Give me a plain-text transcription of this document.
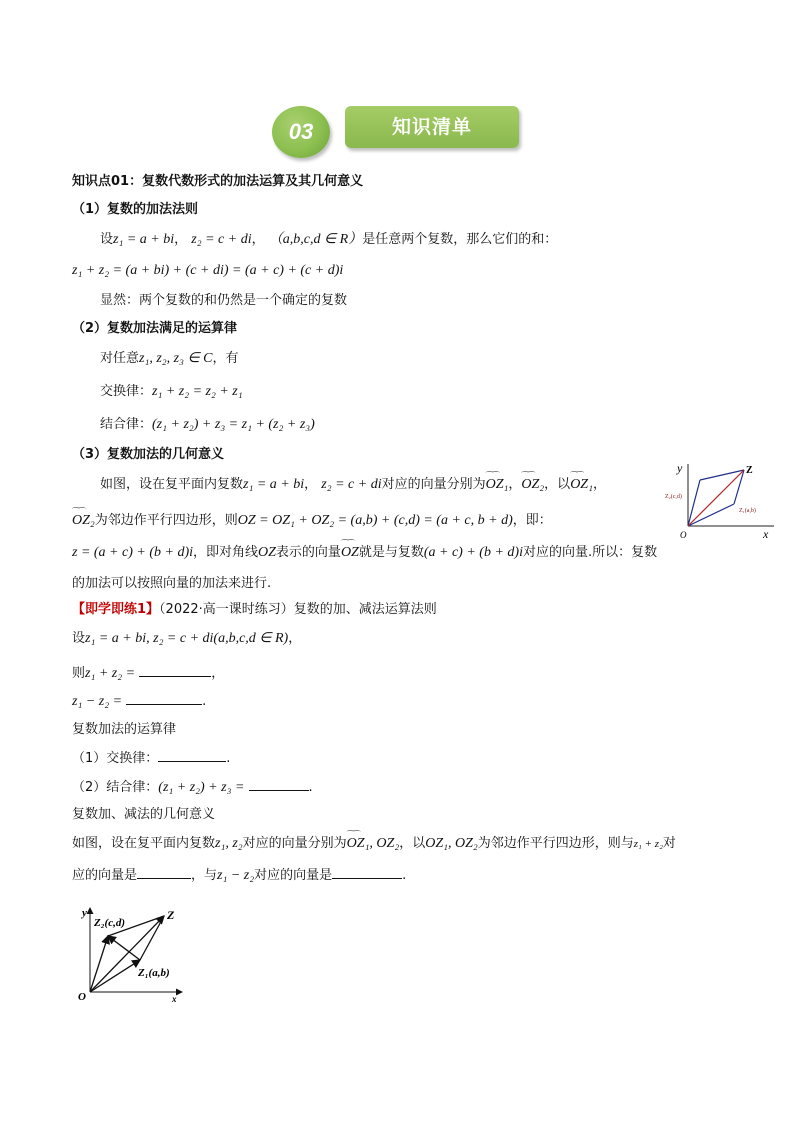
03	知识清单
知识点01：复数代数形式的加法运算及其几何意义
（1）复数的加法法则
设z₁ = a + bi， z₂ = c + di， （a,b,c,d ∈ R）是任意两个复数，那么它们的和：
z₁ + z₂ = (a + bi) + (c + di) = (a + c) + (c + d)i
显然：两个复数的和仍然是一个确定的复数
（2）复数加法满足的运算律
对任意z₁, z₂, z₃ ∈ C，有
交换律：z₁ + z₂ = z₂ + z₁
结合律：(z₁ + z₂) + z₃ = z₁ + (z₂ + z₃)
（3）复数加法的几何意义
如图，设在复平面内复数z₁ = a + bi， z₂ = c + di对应的向量分别为⌒⌒ OZ₁，⌒⌒ OZ₂，以⌒⌒ OZ₁，
⌒⌒ OZ₂为邻边作平行四边形，则OZ = OZ₁ + OZ₂ = (a,b) + (c,d) = (a + c, b + d)，即：
z = (a + c) + (b + d)i，即对角线OZ表示的向量⌒⌒ OZ就是与复数(a + c) + (b + d)i对应的向量.所以：复数
的加法可以按照向量的加法来进行.
y
x
O
Z
Z₂(c,d)
Z₁(a,b)
【即学即练1】（2022·高一课时练习）复数的加、减法运算法则
设z₁ = a + bi, z₂ = c + di(a,b,c,d ∈ R)，
则z₁ + z₂ =	，
z₁ − z₂ =	.
复数加法的运算律
（1）交换律：	.
（2）结合律：(z₁ + z₂) + z₃ =	.
复数加、减法的几何意义
如图，设在复平面内复数z₁, z₂对应的向量分别为⌒⌒ OZ₁, OZ₂，以OZ₁, OZ₂为邻边作平行四边形，则与z₁ + z₂对
应的向量是	，与z₁ − z₂对应的向量是	.
y
x
O
Z
Z₂(c,d)
Z₁(a,b)
